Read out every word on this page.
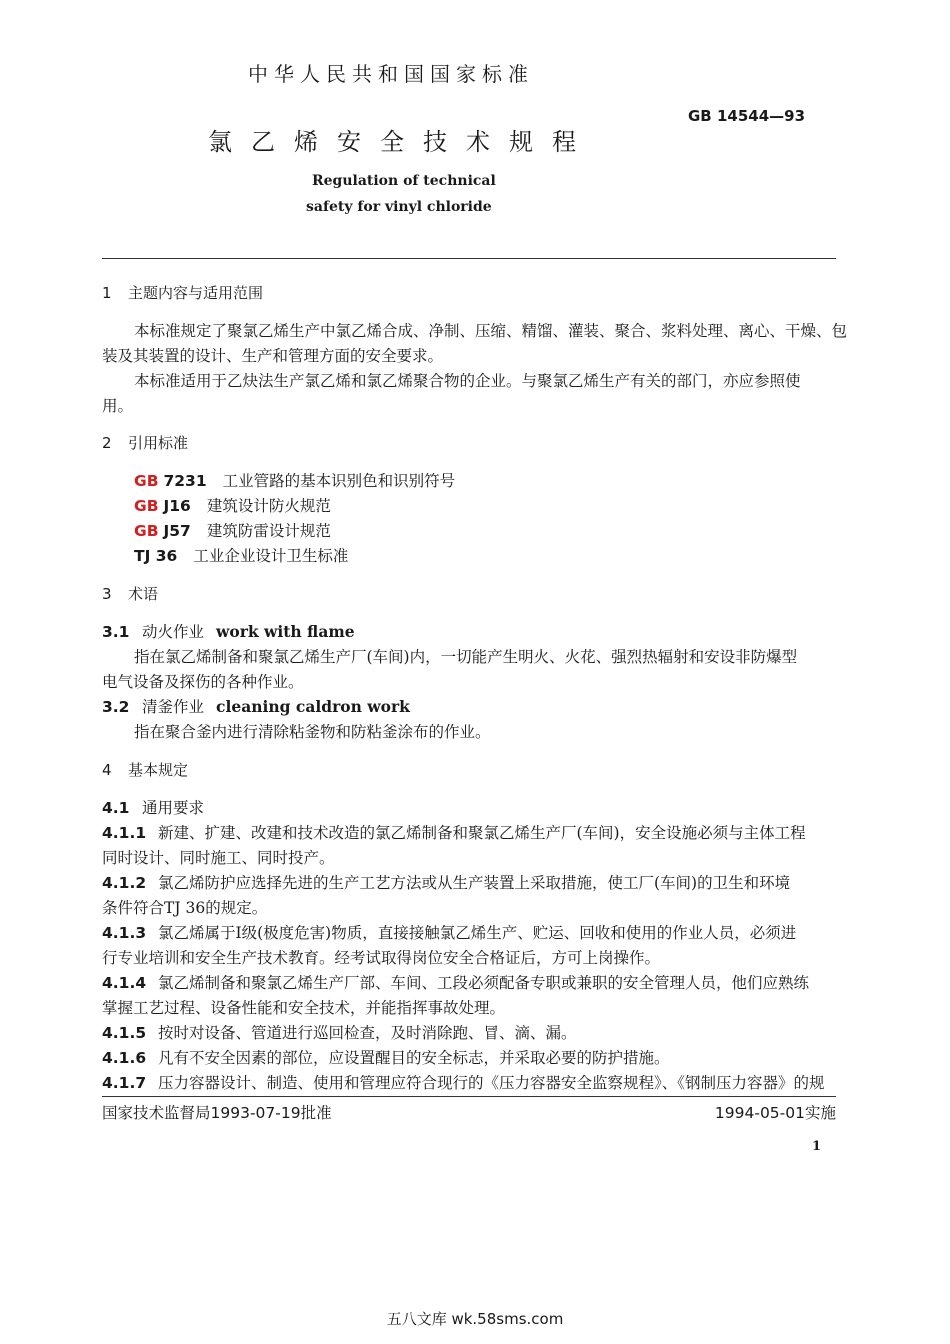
中华人民共和国国家标准
GB 14544—93
氯乙烯安全技术规程
Regulation of technical
safety for vinyl chloride
1 主题内容与适用范围
本标准规定了聚氯乙烯生产中氯乙烯合成、净制、压缩、精馏、灌装、聚合、浆料处理、离心、干燥、包
装及其装置的设计、生产和管理方面的安全要求。
本标准适用于乙炔法生产氯乙烯和氯乙烯聚合物的企业。与聚氯乙烯生产有关的部门，亦应参照使
用。
2 引用标准
GB 7231 工业管路的基本识别色和识别符号
GB J16 建筑设计防火规范
GB J57 建筑防雷设计规范
TJ 36 工业企业设计卫生标准
3 术语
3.1 动火作业 work with flame
指在氯乙烯制备和聚氯乙烯生产厂(车间)内，一切能产生明火、火花、强烈热辐射和安设非防爆型
电气设备及探伤的各种作业。
3.2 清釜作业 cleaning caldron work
指在聚合釜内进行清除粘釜物和防粘釜涂布的作业。
4 基本规定
4.1 通用要求
4.1.1 新建、扩建、改建和技术改造的氯乙烯制备和聚氯乙烯生产厂(车间)，安全设施必须与主体工程
同时设计、同时施工、同时投产。
4.1.2 氯乙烯防护应选择先进的生产工艺方法或从生产装置上采取措施，使工厂(车间)的卫生和环境
条件符合TJ 36的规定。
4.1.3 氯乙烯属于Ⅰ级(极度危害)物质，直接接触氯乙烯生产、贮运、回收和使用的作业人员，必须进
行专业培训和安全生产技术教育。经考试取得岗位安全合格证后，方可上岗操作。
4.1.4 氯乙烯制备和聚氯乙烯生产厂部、车间、工段必须配备专职或兼职的安全管理人员，他们应熟练
掌握工艺过程、设备性能和安全技术，并能指挥事故处理。
4.1.5 按时对设备、管道进行巡回检查，及时消除跑、冒、滴、漏。
4.1.6 凡有不安全因素的部位，应设置醒目的安全标志，并采取必要的防护措施。
4.1.7 压力容器设计、制造、使用和管理应符合现行的《压力容器安全监察规程》、《钢制压力容器》的规
国家技术监督局1993-07-19批准	1994-05-01实施
1
五八文库 wk.58sms.com
